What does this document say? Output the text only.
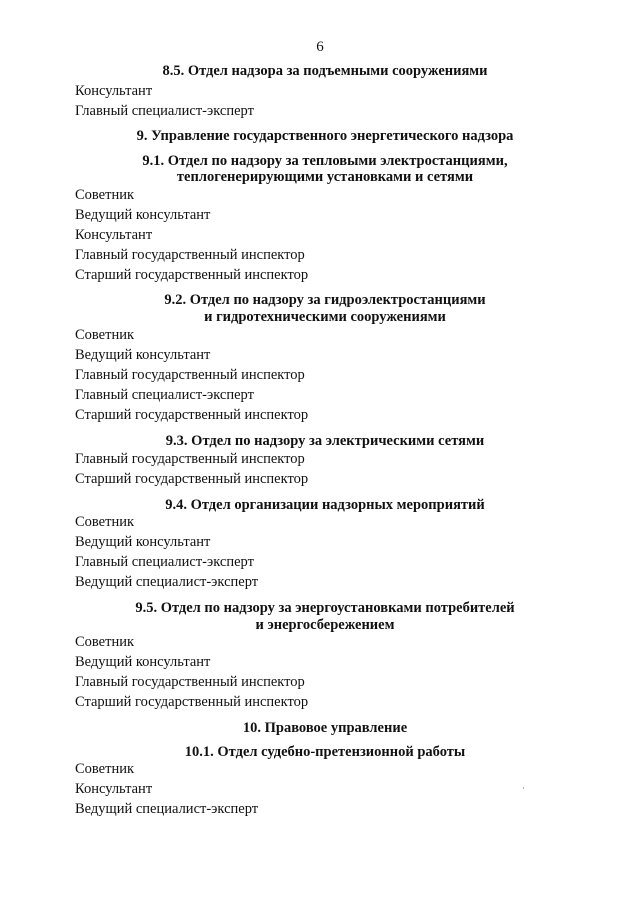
6
8.5. Отдел надзора за подъемными сооружениями
Консультант
Главный специалист-эксперт
9. Управление государственного энергетического надзора
9.1. Отдел по надзору за тепловыми электростанциями,
теплогенерирующими установками и сетями
Советник
Ведущий консультант
Консультант
Главный государственный инспектор
Старший государственный инспектор
9.2. Отдел по надзору за гидроэлектростанциями
и гидротехническими сооружениями
Советник
Ведущий консультант
Главный государственный инспектор
Главный специалист-эксперт
Старший государственный инспектор
9.3. Отдел по надзору за электрическими сетями
Главный государственный инспектор
Старший государственный инспектор
9.4. Отдел организации надзорных мероприятий
Советник
Ведущий консультант
Главный специалист-эксперт
Ведущий специалист-эксперт
9.5. Отдел по надзору за энергоустановками потребителей
и энергосбережением
Советник
Ведущий консультант
Главный государственный инспектор
Старший государственный инспектор
10. Правовое управление
10.1. Отдел судебно-претензионной работы
Советник
Консультант
Ведущий специалист-эксперт
·
